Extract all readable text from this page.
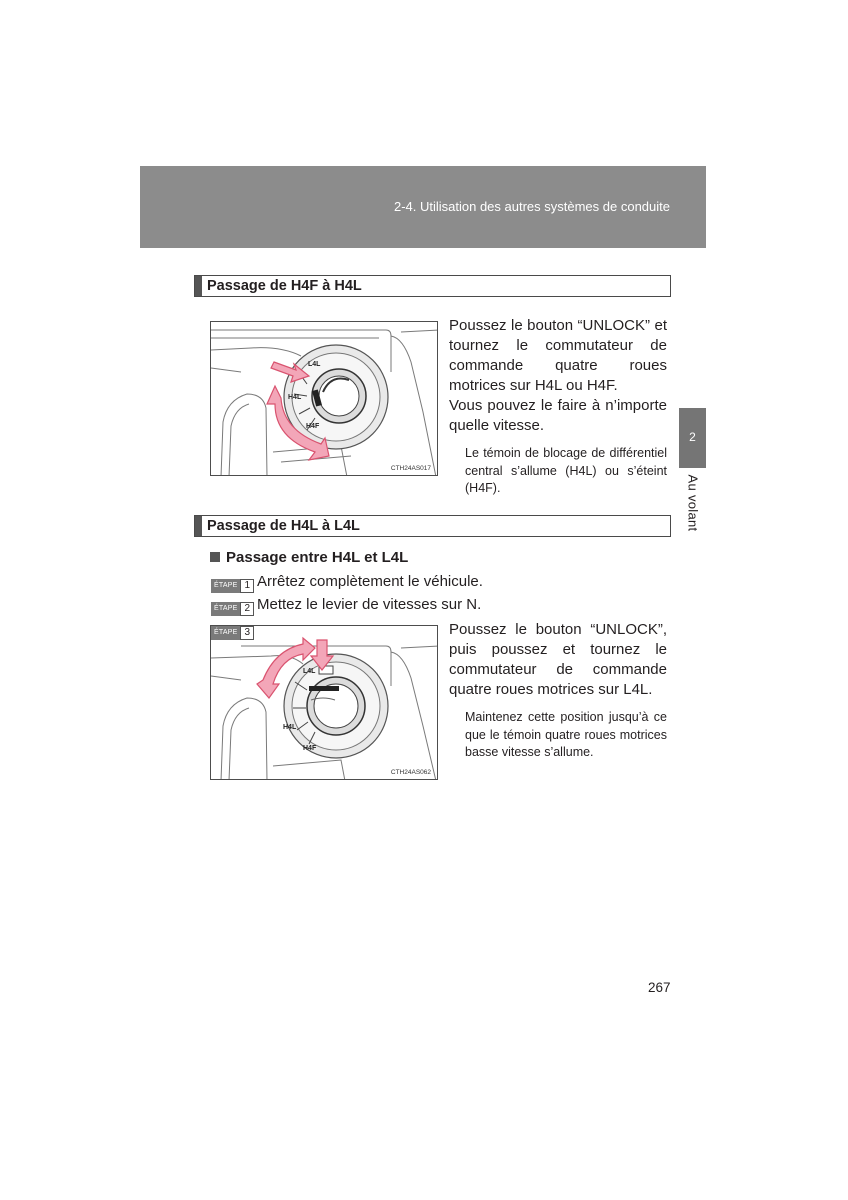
2-4. Utilisation des autres systèmes de conduite
2
Au volant
Passage de H4F à H4L
L4L
H4L
H4F
CTH24AS017

Poussez le bouton “UNLOCK” et tournez le commutateur de commande quatre roues motrices sur H4L ou H4F.

Vous pouvez le faire à n’importe quelle vitesse.

Le témoin de blocage de différentiel central s’allume (H4L) ou s’éteint (H4F).
Passage de H4L à L4L
Passage entre H4L et L4L
ÉTAPE 1 Arrêtez complètement le véhicule.
ÉTAPE 2 Mettez le levier de vitesses sur N.
ÉTAPE 3
L4L
H4L
H4F
CTH24AS062

Poussez le bouton “UNLOCK”, puis poussez et tournez le commutateur de commande quatre roues motrices sur L4L.

Maintenez cette position jusqu’à ce que le témoin quatre roues motrices basse vitesse s’allume.
267
